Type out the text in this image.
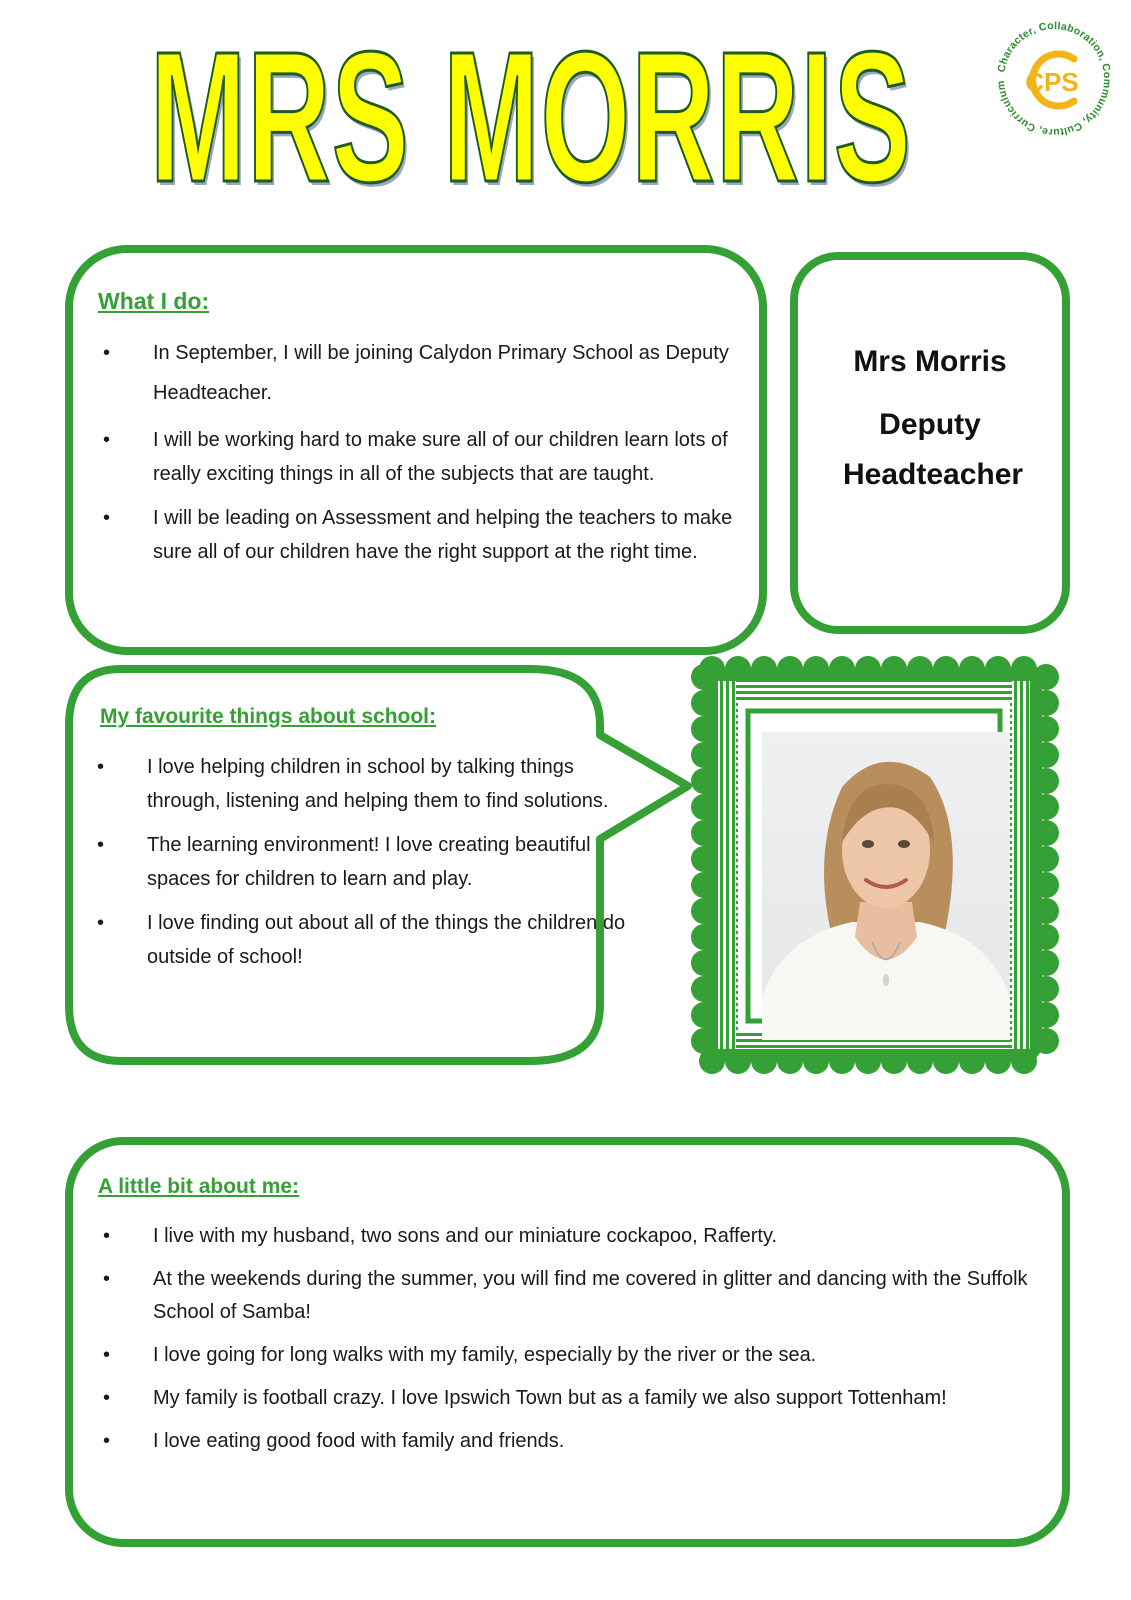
MRS MORRIS	Character, Collaboration, Community, Culture, Curriculum CPS
What I do:
• In September, I will be joining Calydon Primary School as Deputy Headteacher.
• I will be working hard to make sure all of our children learn lots of really exciting things in all of the subjects that are taught.
• I will be leading on Assessment and helping the teachers to make sure all of our children have the right support at the right time.
Mrs Morris
Deputy Headteacher
My favourite things about school:
• I love helping children in school by talking things through, listening and helping them to find solutions.
• The learning environment! I love creating beautiful spaces for children to learn and play.
• I love finding out about all of the things the children do outside of school!
A little bit about me:
• I live with my husband, two sons and our miniature cockapoo, Rafferty.
• At the weekends during the summer, you will find me covered in glitter and dancing with the Suffolk School of Samba!
• I love going for long walks with my family, especially by the river or the sea.
• My family is football crazy. I love Ipswich Town but as a family we also support Tottenham!
• I love eating good food with family and friends.
